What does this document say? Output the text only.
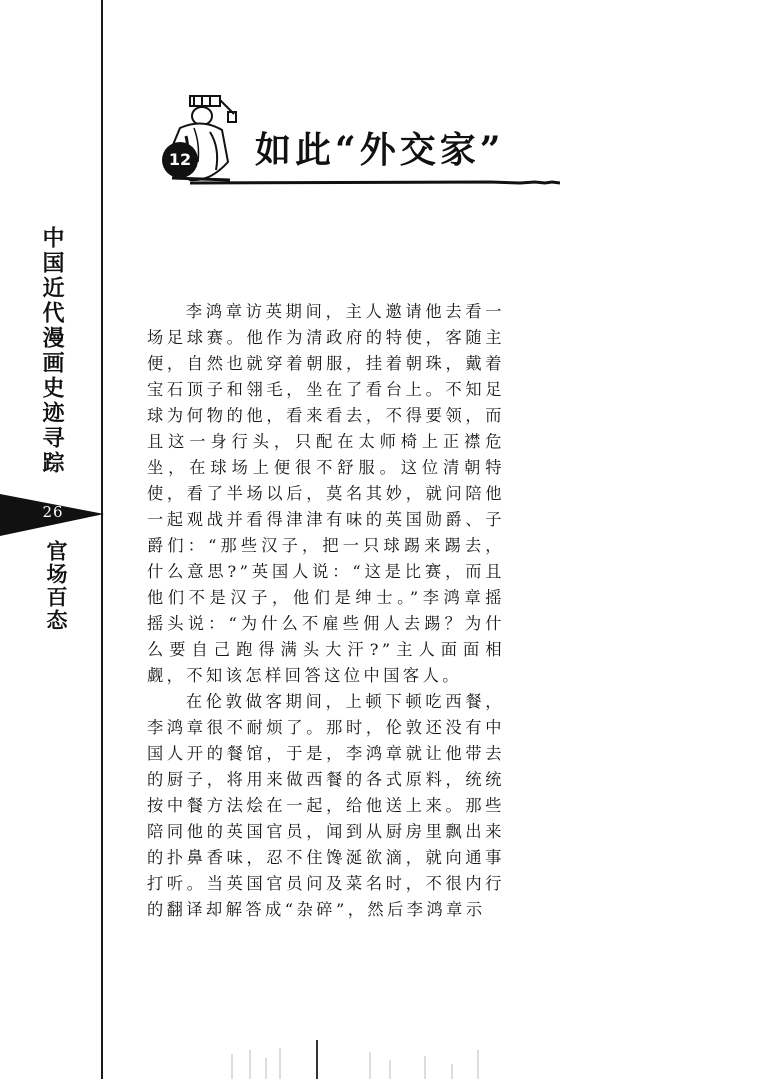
中国近代漫画史迹寻踪
26
官场百态
12 如此“外交家”

李鸿章访英期间，主人邀请他去看一场足球赛。他作为清政府的特使，客随主便，自然也就穿着朝服，挂着朝珠，戴着宝石顶子和翎毛，坐在了看台上。不知足球为何物的他，看来看去，不得要领，而且这一身行头，只配在太师椅上正襟危坐，在球场上便很不舒服。这位清朝特使，看了半场以后，莫名其妙，就问陪他一起观战并看得津津有味的英国勋爵、子爵们：“那些汉子，把一只球踢来踢去，什么意思?”英国人说：“这是比赛，而且他们不是汉子，他们是绅士。”李鸿章摇摇头说：“为什么不雇些佣人去踢？为什么要自己跑得满头大汗?”主人面面相觑，不知该怎样回答这位中国客人。

在伦敦做客期间，上顿下顿吃西餐，李鸿章很不耐烦了。那时，伦敦还没有中国人开的餐馆，于是，李鸿章就让他带去的厨子，将用来做西餐的各式原料，统统按中餐方法烩在一起，给他送上来。那些陪同他的英国官员，闻到从厨房里飘出来的扑鼻香味，忍不住馋涎欲滴，就向通事打听。当英国官员问及菜名时，不很内行的翻译却解答成“杂碎”，然后李鸿章示
